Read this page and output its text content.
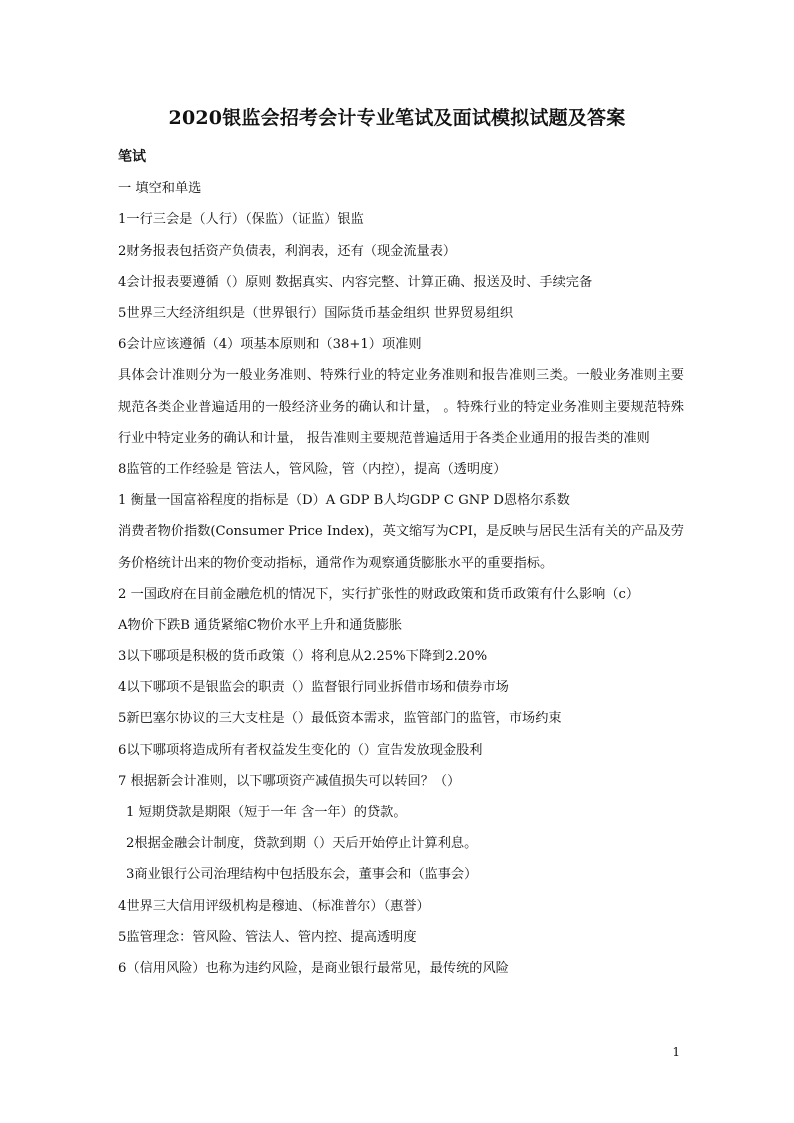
2020银监会招考会计专业笔试及面试模拟试题及答案
笔试
一 填空和单选
1一行三会是（人行）（保监）（证监）银监
2财务报表包括资产负债表，利润表，还有（现金流量表）
4会计报表要遵循（）原则 数据真实、内容完整、计算正确、报送及时、手续完备
5世界三大经济组织是（世界银行）国际货币基金组织 世界贸易组织
6会计应该遵循（4）项基本原则和（38+1）项准则
具体会计准则分为一般业务准则、特殊行业的特定业务准则和报告准则三类。一般业务准则主要规范各类企业普遍适用的一般经济业务的确认和计量， 。特殊行业的特定业务准则主要规范特殊行业中特定业务的确认和计量， 报告准则主要规范普遍适用于各类企业通用的报告类的准则
8监管的工作经验是 管法人，管风险，管（内控），提高（透明度）
1 衡量一国富裕程度的指标是（D）A GDP B人均GDP C GNP D恩格尔系数
消费者物价指数(Consumer Price Index)，英文缩写为CPI，是反映与居民生活有关的产品及劳务价格统计出来的物价变动指标，通常作为观察通货膨胀水平的重要指标。
2 一国政府在目前金融危机的情况下，实行扩张性的财政政策和货币政策有什么影响（c）
A物价下跌B 通货紧缩C物价水平上升和通货膨胀
3以下哪项是积极的货币政策（）将利息从2.25%下降到2.20%
4以下哪项不是银监会的职责（）监督银行同业拆借市场和债券市场
5新巴塞尔协议的三大支柱是（）最低资本需求，监管部门的监管，市场约束
6以下哪项将造成所有者权益发生变化的（）宣告发放现金股利
7 根据新会计准则，以下哪项资产减值损失可以转回？（）
1 短期贷款是期限（短于一年 含一年）的贷款。
2根据金融会计制度，贷款到期（）天后开始停止计算利息。
3商业银行公司治理结构中包括股东会，董事会和（监事会）
4世界三大信用评级机构是穆迪、（标准普尔）（惠誉）
5监管理念：管风险、管法人、管内控、提高透明度
6（信用风险）也称为违约风险，是商业银行最常见，最传统的风险
1
